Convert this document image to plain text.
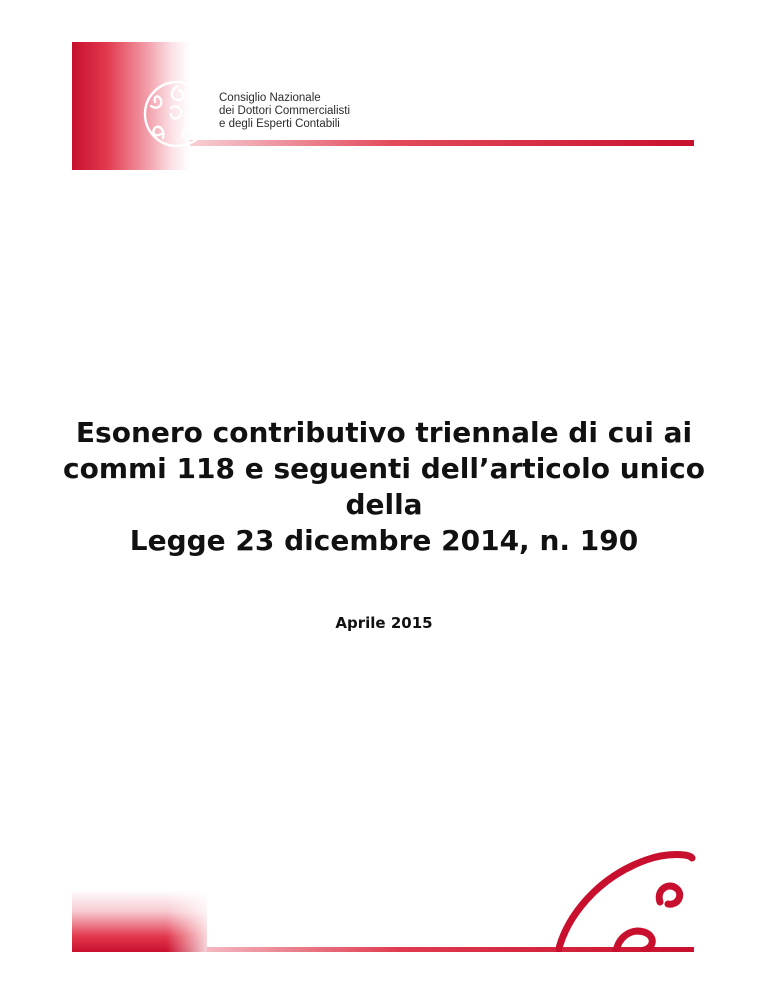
Consiglio Nazionale
dei Dottori Commercialisti
e degli Esperti Contabili
Esonero contributivo triennale di cui ai
commi 118 e seguenti dell’articolo unico
della
Legge 23 dicembre 2014, n. 190
Aprile 2015
